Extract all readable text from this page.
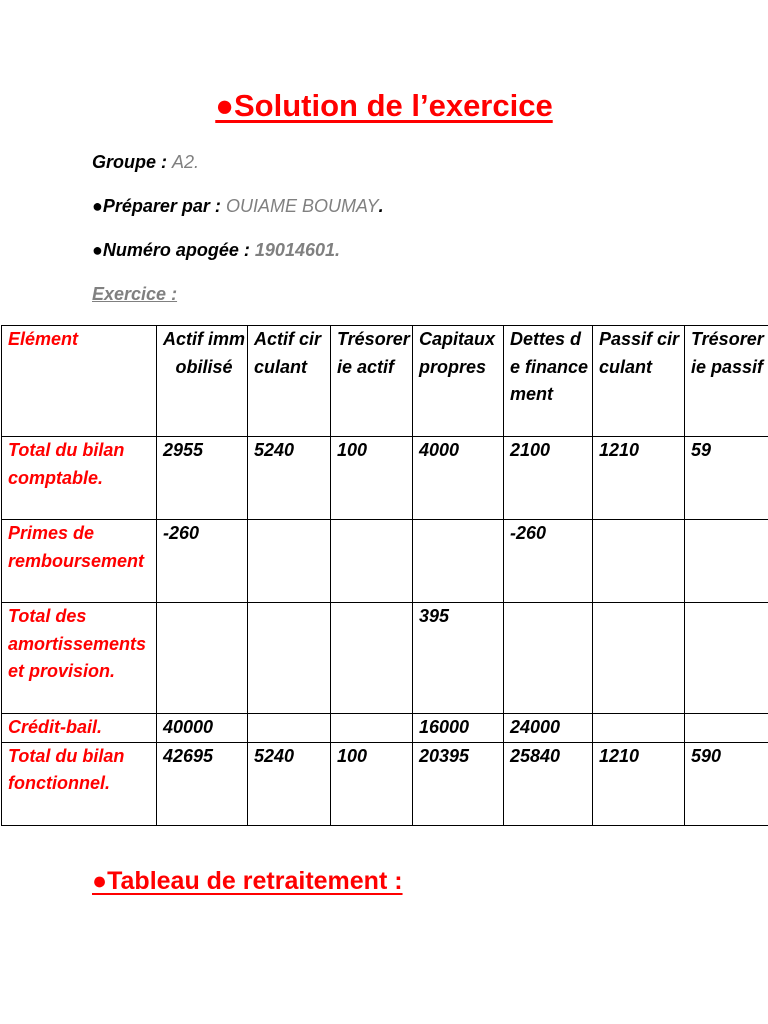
●Solution de l’exercice
Groupe : A2.
●Préparer par : OUIAME BOUMAY.
●Numéro apogée : 19014601.
Exercice :
Elément	Actif immobilisé	Actif circulant	Trésorerie actif	Capitaux propres	Dettes de financement	Passif circulant	Trésorerie passif
Total du bilan comptable.	2955	5240	100	4000	2100	1210	59
Primes de remboursement	-260				-260		
Total des amortissements et provision.				395			
Crédit-bail.	40000			16000	24000		
Total du bilan fonctionnel.	42695	5240	100	20395	25840	1210	590
●Tableau de retraitement :
